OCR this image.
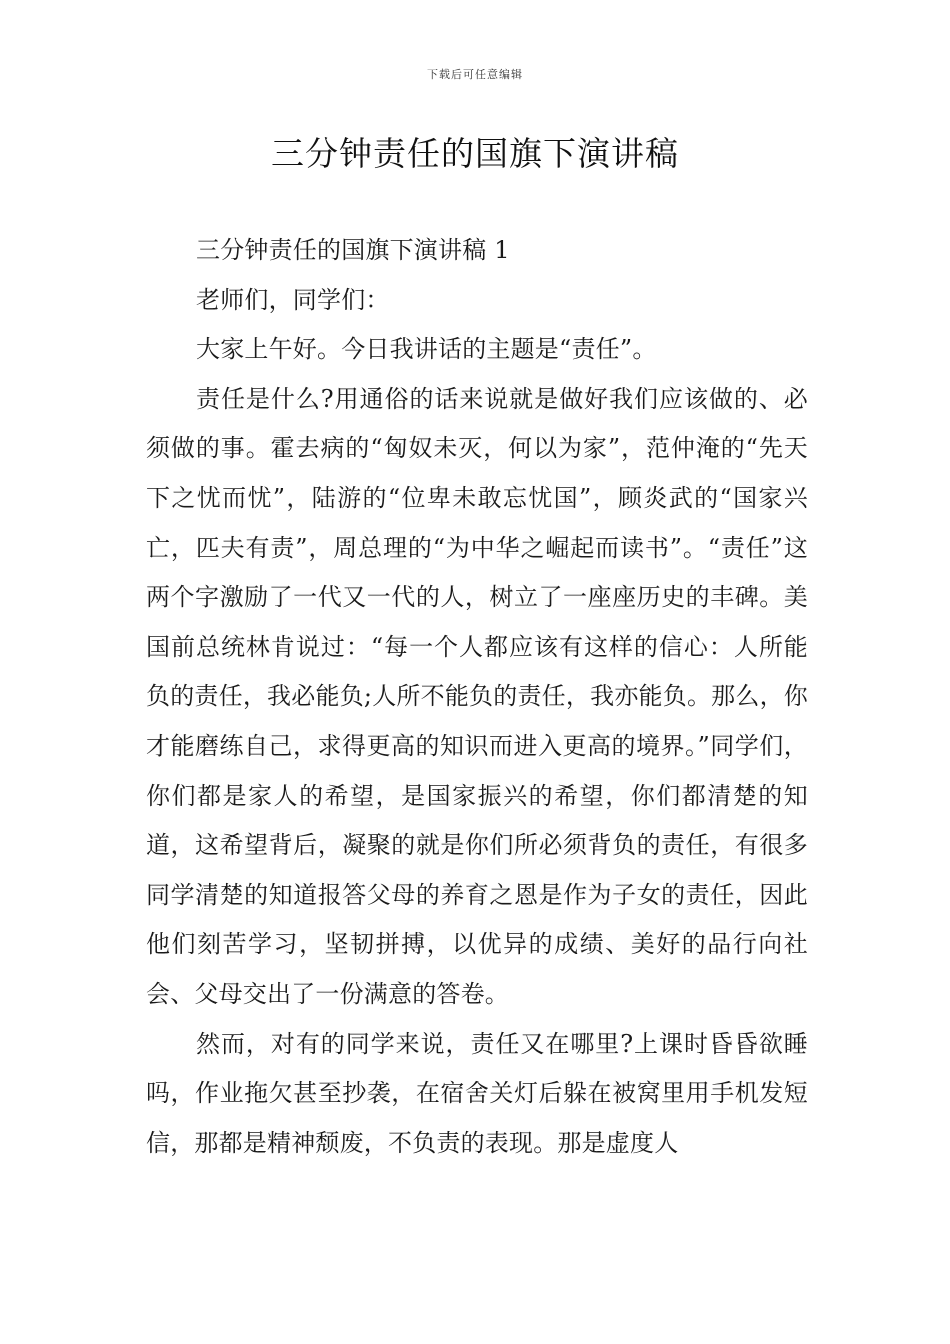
下载后可任意编辑
三分钟责任的国旗下演讲稿

三分钟责任的国旗下演讲稿 1

老师们，同学们：

大家上午好。今日我讲话的主题是“责任”。

责任是什么?用通俗的话来说就是做好我们应该做的、必须做的事。霍去病的“匈奴未灭，何以为家”，范仲淹的“先天下之忧而忧”，陆游的“位卑未敢忘忧国”，顾炎武的“国家兴亡，匹夫有责”，周总理的“为中华之崛起而读书”。“责任”这两个字激励了一代又一代的人，树立了一座座历史的丰碑。美国前总统林肯说过：“每一个人都应该有这样的信心：人所能负的责任，我必能负;人所不能负的责任，我亦能负。那么，你才能磨练自己，求得更高的知识而进入更高的境界。”同学们，你们都是家人的希望，是国家振兴的希望，你们都清楚的知道，这希望背后，凝聚的就是你们所必须背负的责任，有很多同学清楚的知道报答父母的养育之恩是作为子女的责任，因此他们刻苦学习，坚韧拼搏，以优异的成绩、美好的品行向社会、父母交出了一份满意的答卷。

然而，对有的同学来说，责任又在哪里?上课时昏昏欲睡吗，作业拖欠甚至抄袭，在宿舍关灯后躲在被窝里用手机发短信，那都是精神颓废，不负责的表现。那是虚度人
